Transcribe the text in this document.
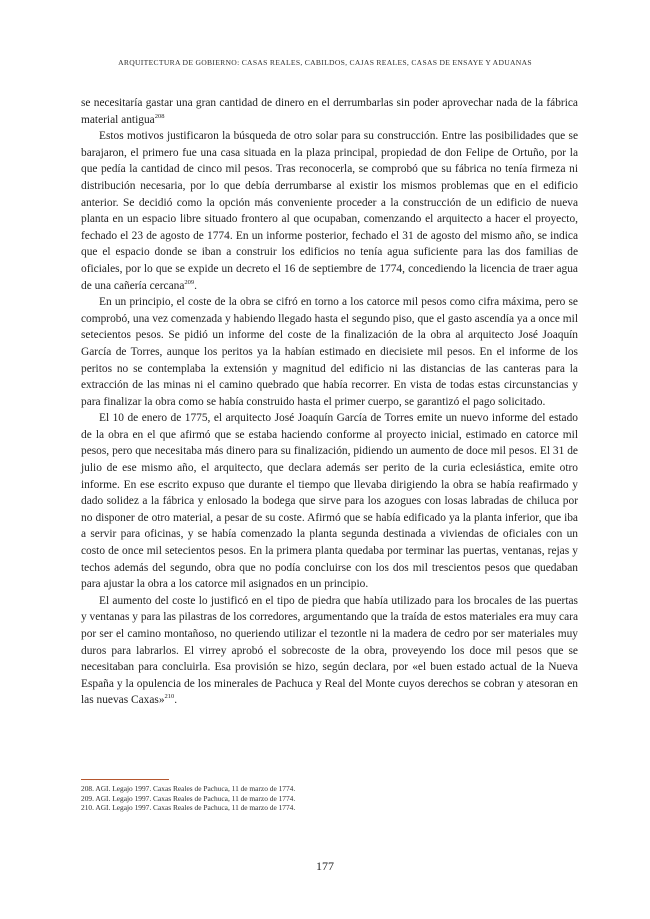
ARQUITECTURA DE GOBIERNO: CASAS REALES, CABILDOS, CAJAS REALES, CASAS DE ENSAYE Y ADUANAS

se necesitaría gastar una gran cantidad de dinero en el derrumbarlas sin poder aprovechar nada de la fábrica material antigua$^{208}$

Estos motivos justificaron la búsqueda de otro solar para su construcción. Entre las posibilidades que se barajaron, el primero fue una casa situada en la plaza principal, propiedad de don Felipe de Ortuño, por la que pedía la cantidad de cinco mil pesos. Tras reconocerla, se comprobó que su fábrica no tenía firmeza ni distribución necesaria, por lo que debía derrumbarse al existir los mismos problemas que en el edificio anterior. Se decidió como la opción más conveniente proceder a la construcción de un edificio de nueva planta en un espacio libre situado frontero al que ocupaban, comenzando el arquitecto a hacer el proyecto, fechado el 23 de agosto de 1774. En un informe posterior, fechado el 31 de agosto del mismo año, se indica que el espacio donde se iban a construir los edificios no tenía agua suficiente para las dos familias de oficiales, por lo que se expide un decreto el 16 de septiembre de 1774, concediendo la licencia de traer agua de una cañería cercana$^{209}$.

En un principio, el coste de la obra se cifró en torno a los catorce mil pesos como cifra máxima, pero se comprobó, una vez comenzada y habiendo llegado hasta el segundo piso, que el gasto ascendía ya a once mil setecientos pesos. Se pidió un informe del coste de la finalización de la obra al arquitecto José Joaquín García de Torres, aunque los peritos ya la habían estimado en diecisiete mil pesos. En el informe de los peritos no se contemplaba la extensión y magnitud del edificio ni las distancias de las canteras para la extracción de las minas ni el camino quebrado que había recorrer. En vista de todas estas circunstancias y para finalizar la obra como se había construido hasta el primer cuerpo, se garantizó el pago solicitado.

El 10 de enero de 1775, el arquitecto José Joaquín García de Torres emite un nuevo informe del estado de la obra en el que afirmó que se estaba haciendo conforme al proyecto inicial, estimado en catorce mil pesos, pero que necesitaba más dinero para su finalización, pidiendo un aumento de doce mil pesos. El 31 de julio de ese mismo año, el arquitecto, que declara además ser perito de la curia eclesiástica, emite otro informe. En ese escrito expuso que durante el tiempo que llevaba dirigiendo la obra se había reafirmado y dado solidez a la fábrica y enlosado la bodega que sirve para los azogues con losas labradas de chiluca por no disponer de otro material, a pesar de su coste. Afirmó que se había edificado ya la planta inferior, que iba a servir para oficinas, y se había comenzado la planta segunda destinada a viviendas de oficiales con un costo de once mil setecientos pesos. En la primera planta quedaba por terminar las puertas, ventanas, rejas y techos además del segundo, obra que no podía concluirse con los dos mil trescientos pesos que quedaban para ajustar la obra a los catorce mil asignados en un principio.

El aumento del coste lo justificó en el tipo de piedra que había utilizado para los brocales de las puertas y ventanas y para las pilastras de los corredores, argumentando que la traída de estos materiales era muy cara por ser el camino montañoso, no queriendo utilizar el tezontle ni la madera de cedro por ser materiales muy duros para labrarlos. El virrey aprobó el sobrecoste de la obra, proveyendo los doce mil pesos que se necesitaban para concluirla. Esa provisión se hizo, según declara, por «el buen estado actual de la Nueva España y la opulencia de los minerales de Pachuca y Real del Monte cuyos derechos se cobran y atesoran en las nuevas Caxas»$^{210}$.

208. AGI. Legajo 1997. Caxas Reales de Pachuca, 11 de marzo de 1774.
209. AGI. Legajo 1997. Caxas Reales de Pachuca, 11 de marzo de 1774.
210. AGI. Legajo 1997. Caxas Reales de Pachuca, 11 de marzo de 1774.
177
